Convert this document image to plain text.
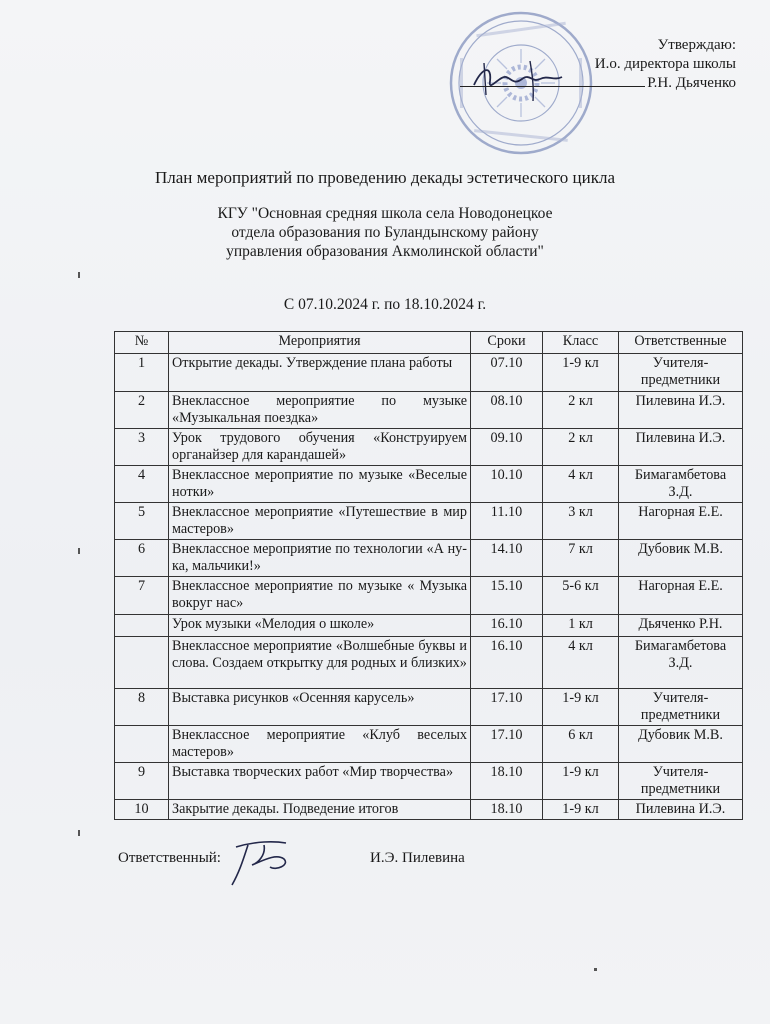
Утверждаю:
И.о. директора школы
Р.Н. Дьяченко
План мероприятий по проведению декады эстетического цикла
КГУ "Основная средняя школа села Новодонецкое
отдела образования по Буландынскому району
управления образования Акмолинской области"
С 07.10.2024 г. по 18.10.2024 г.
№	Мероприятия	Сроки	Класс	Ответственные
1	Открытие декады. Утверждение плана работы	07.10	1-9 кл	Учителя-предметники
2	Внеклассное мероприятие по музыке «Музыкальная поездка»	08.10	2 кл	Пилевина И.Э.
3	Урок трудового обучения «Конструируем органайзер для карандашей»	09.10	2 кл	Пилевина И.Э.
4	Внеклассное мероприятие по музыке «Веселые нотки»	10.10	4 кл	Бимагамбетова З.Д.
5	Внеклассное мероприятие «Путешествие в мир мастеров»	11.10	3 кл	Нагорная Е.Е.
6	Внеклассное мероприятие по технологии «А ну-ка, мальчики!»	14.10	7 кл	Дубовик М.В.
7	Внеклассное мероприятие по музыке « Музыка вокруг нас»	15.10	5-6 кл	Нагорная Е.Е.
	Урок музыки «Мелодия о школе»	16.10	1 кл	Дьяченко Р.Н.
	Внеклассное мероприятие «Волшебные буквы и слова. Создаем открытку для родных и близких»	16.10	4 кл	Бимагамбетова З.Д.
8	Выставка рисунков «Осенняя карусель»	17.10	1-9 кл	Учителя-предметники
	Внеклассное мероприятие «Клуб веселых мастеров»	17.10	6 кл	Дубовик М.В.
9	Выставка творческих работ «Мир творчества»	18.10	1-9 кл	Учителя-предметники
10	Закрытие декады. Подведение итогов	18.10	1-9 кл	Пилевина И.Э.
Ответственный:	И.Э. Пилевина
